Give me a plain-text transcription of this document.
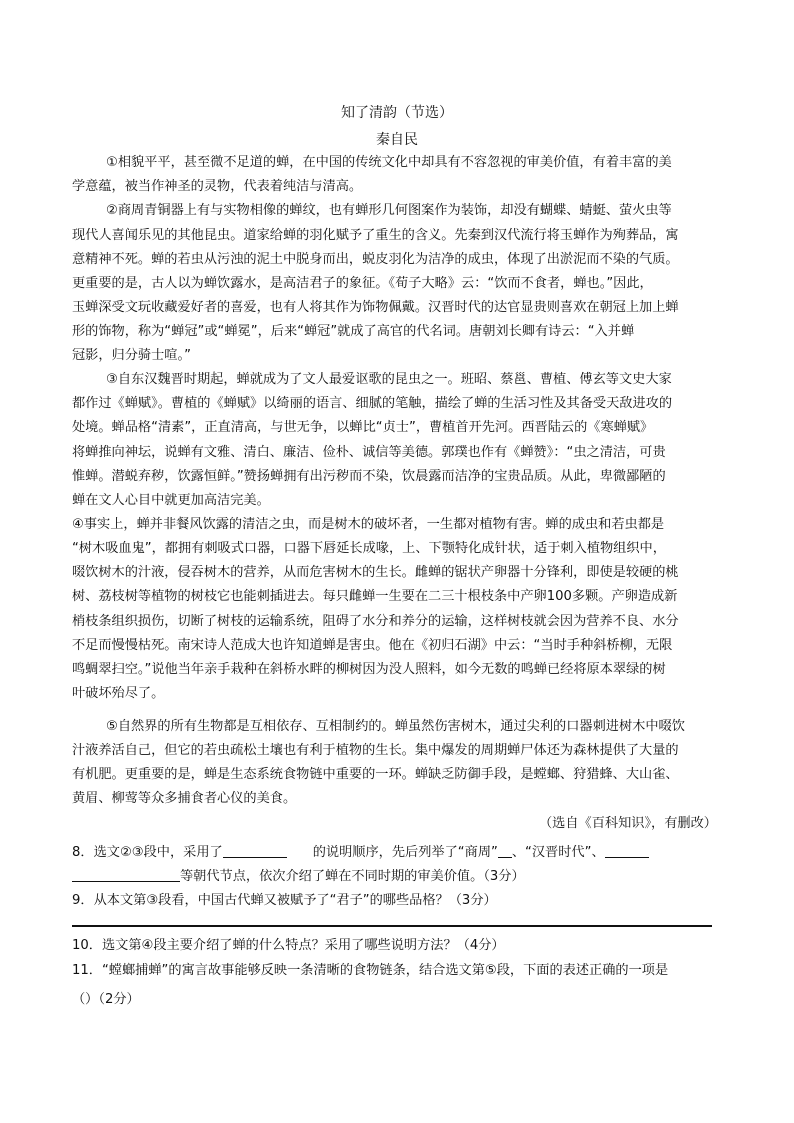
知了清韵（节选）
秦自民
①相貌平平，甚至微不足道的蝉，在中国的传统文化中却具有不容忽视的审美价值，有着丰富的美
学意蕴，被当作神圣的灵物，代表着纯洁与清高。
②商周青铜器上有与实物相像的蝉纹，也有蝉形几何图案作为装饰，却没有蝴蝶、蜻蜓、萤火虫等
现代人喜闻乐见的其他昆虫。道家给蝉的羽化赋予了重生的含义。先秦到汉代流行将玉蝉作为殉葬品，寓
意精神不死。蝉的若虫从污浊的泥土中脱身而出，蜕皮羽化为洁净的成虫，体现了出淤泥而不染的气质。
更重要的是，古人以为蝉饮露水，是高洁君子的象征。《荀子大略》云：“饮而不食者，蝉也。”因此，
玉蝉深受文玩收藏爱好者的喜爱，也有人将其作为饰物佩戴。汉晋时代的达官显贵则喜欢在朝冠上加上蝉
形的饰物，称为“蝉冠”或“蝉冕”，后来“蝉冠”就成了高官的代名词。唐朝刘长卿有诗云：“入并蝉
冠影，归分骑士喧。”
③自东汉魏晋时期起，蝉就成为了文人最爱讴歌的昆虫之一。班昭、蔡邕、曹植、傅玄等文史大家
都作过《蝉赋》。曹植的《蝉赋》以绮丽的语言、细腻的笔触，描绘了蝉的生活习性及其备受天敌进攻的
处境。蝉品格“清素”，正直清高，与世无争，以蝉比“贞士”，曹植首开先河。西晋陆云的《寒蝉赋》
将蝉推向神坛，说蝉有文雅、清白、廉洁、俭朴、诚信等美德。郭璞也作有《蝉赞》：“虫之清洁，可贵
惟蝉。潜蜕弃秽，饮露恒鲜。”赞扬蝉拥有出污秽而不染，饮晨露而洁净的宝贵品质。从此，卑微鄙陋的
蝉在文人心目中就更加高洁完美。
④事实上，蝉并非餐风饮露的清洁之虫，而是树木的破坏者，一生都对植物有害。蝉的成虫和若虫都是
“树木吸血鬼”，都拥有刺吸式口器，口器下唇延长成喙，上、下颚特化成针状，适于刺入植物组织中，
啜饮树木的汁液，侵吞树木的营养，从而危害树木的生长。雌蝉的锯状产卵器十分锋利，即使是较硬的桃
树、荔枝树等植物的树枝它也能刺插进去。每只雌蝉一生要在二三十根枝条中产卵100多颗。产卵造成新
梢枝条组织损伤，切断了树枝的运输系统，阻碍了水分和养分的运输，这样树枝就会因为营养不良、水分
不足而慢慢枯死。南宋诗人范成大也许知道蝉是害虫。他在《初归石湖》中云：“当时手种斜桥柳，无限
鸣蜩翠扫空。”说他当年亲手栽种在斜桥水畔的柳树因为没人照料，如今无数的鸣蝉已经将原本翠绿的树
叶破坏殆尽了。
⑤自然界的所有生物都是互相依存、互相制约的。蝉虽然伤害树木，通过尖利的口器刺进树木中啜饮
汁液养活自己，但它的若虫疏松土壤也有利于植物的生长。集中爆发的周期蝉尸体还为森林提供了大量的
有机肥。更重要的是，蝉是生态系统食物链中重要的一环。蝉缺乏防御手段，是螳螂、狩猎蜂、大山雀、
黄眉、柳莺等众多捕食者心仪的美食。
（选自《百科知识》，有删改）
8．选文②③段中，采用了	的说明顺序，先后列举了“商周” 、“汉晋时代”、
等朝代节点，依次介绍了蝉在不同时期的审美价值。（3分）
9．从本文第③段看，中国古代蝉又被赋予了“君子”的哪些品格？（3分）
10．选文第④段主要介绍了蝉的什么特点？采用了哪些说明方法？（4分）
11．“螳螂捕蝉”的寓言故事能够反映一条清晰的食物链条，结合选文第⑤段，下面的表述正确的一项是
（）（2分）
